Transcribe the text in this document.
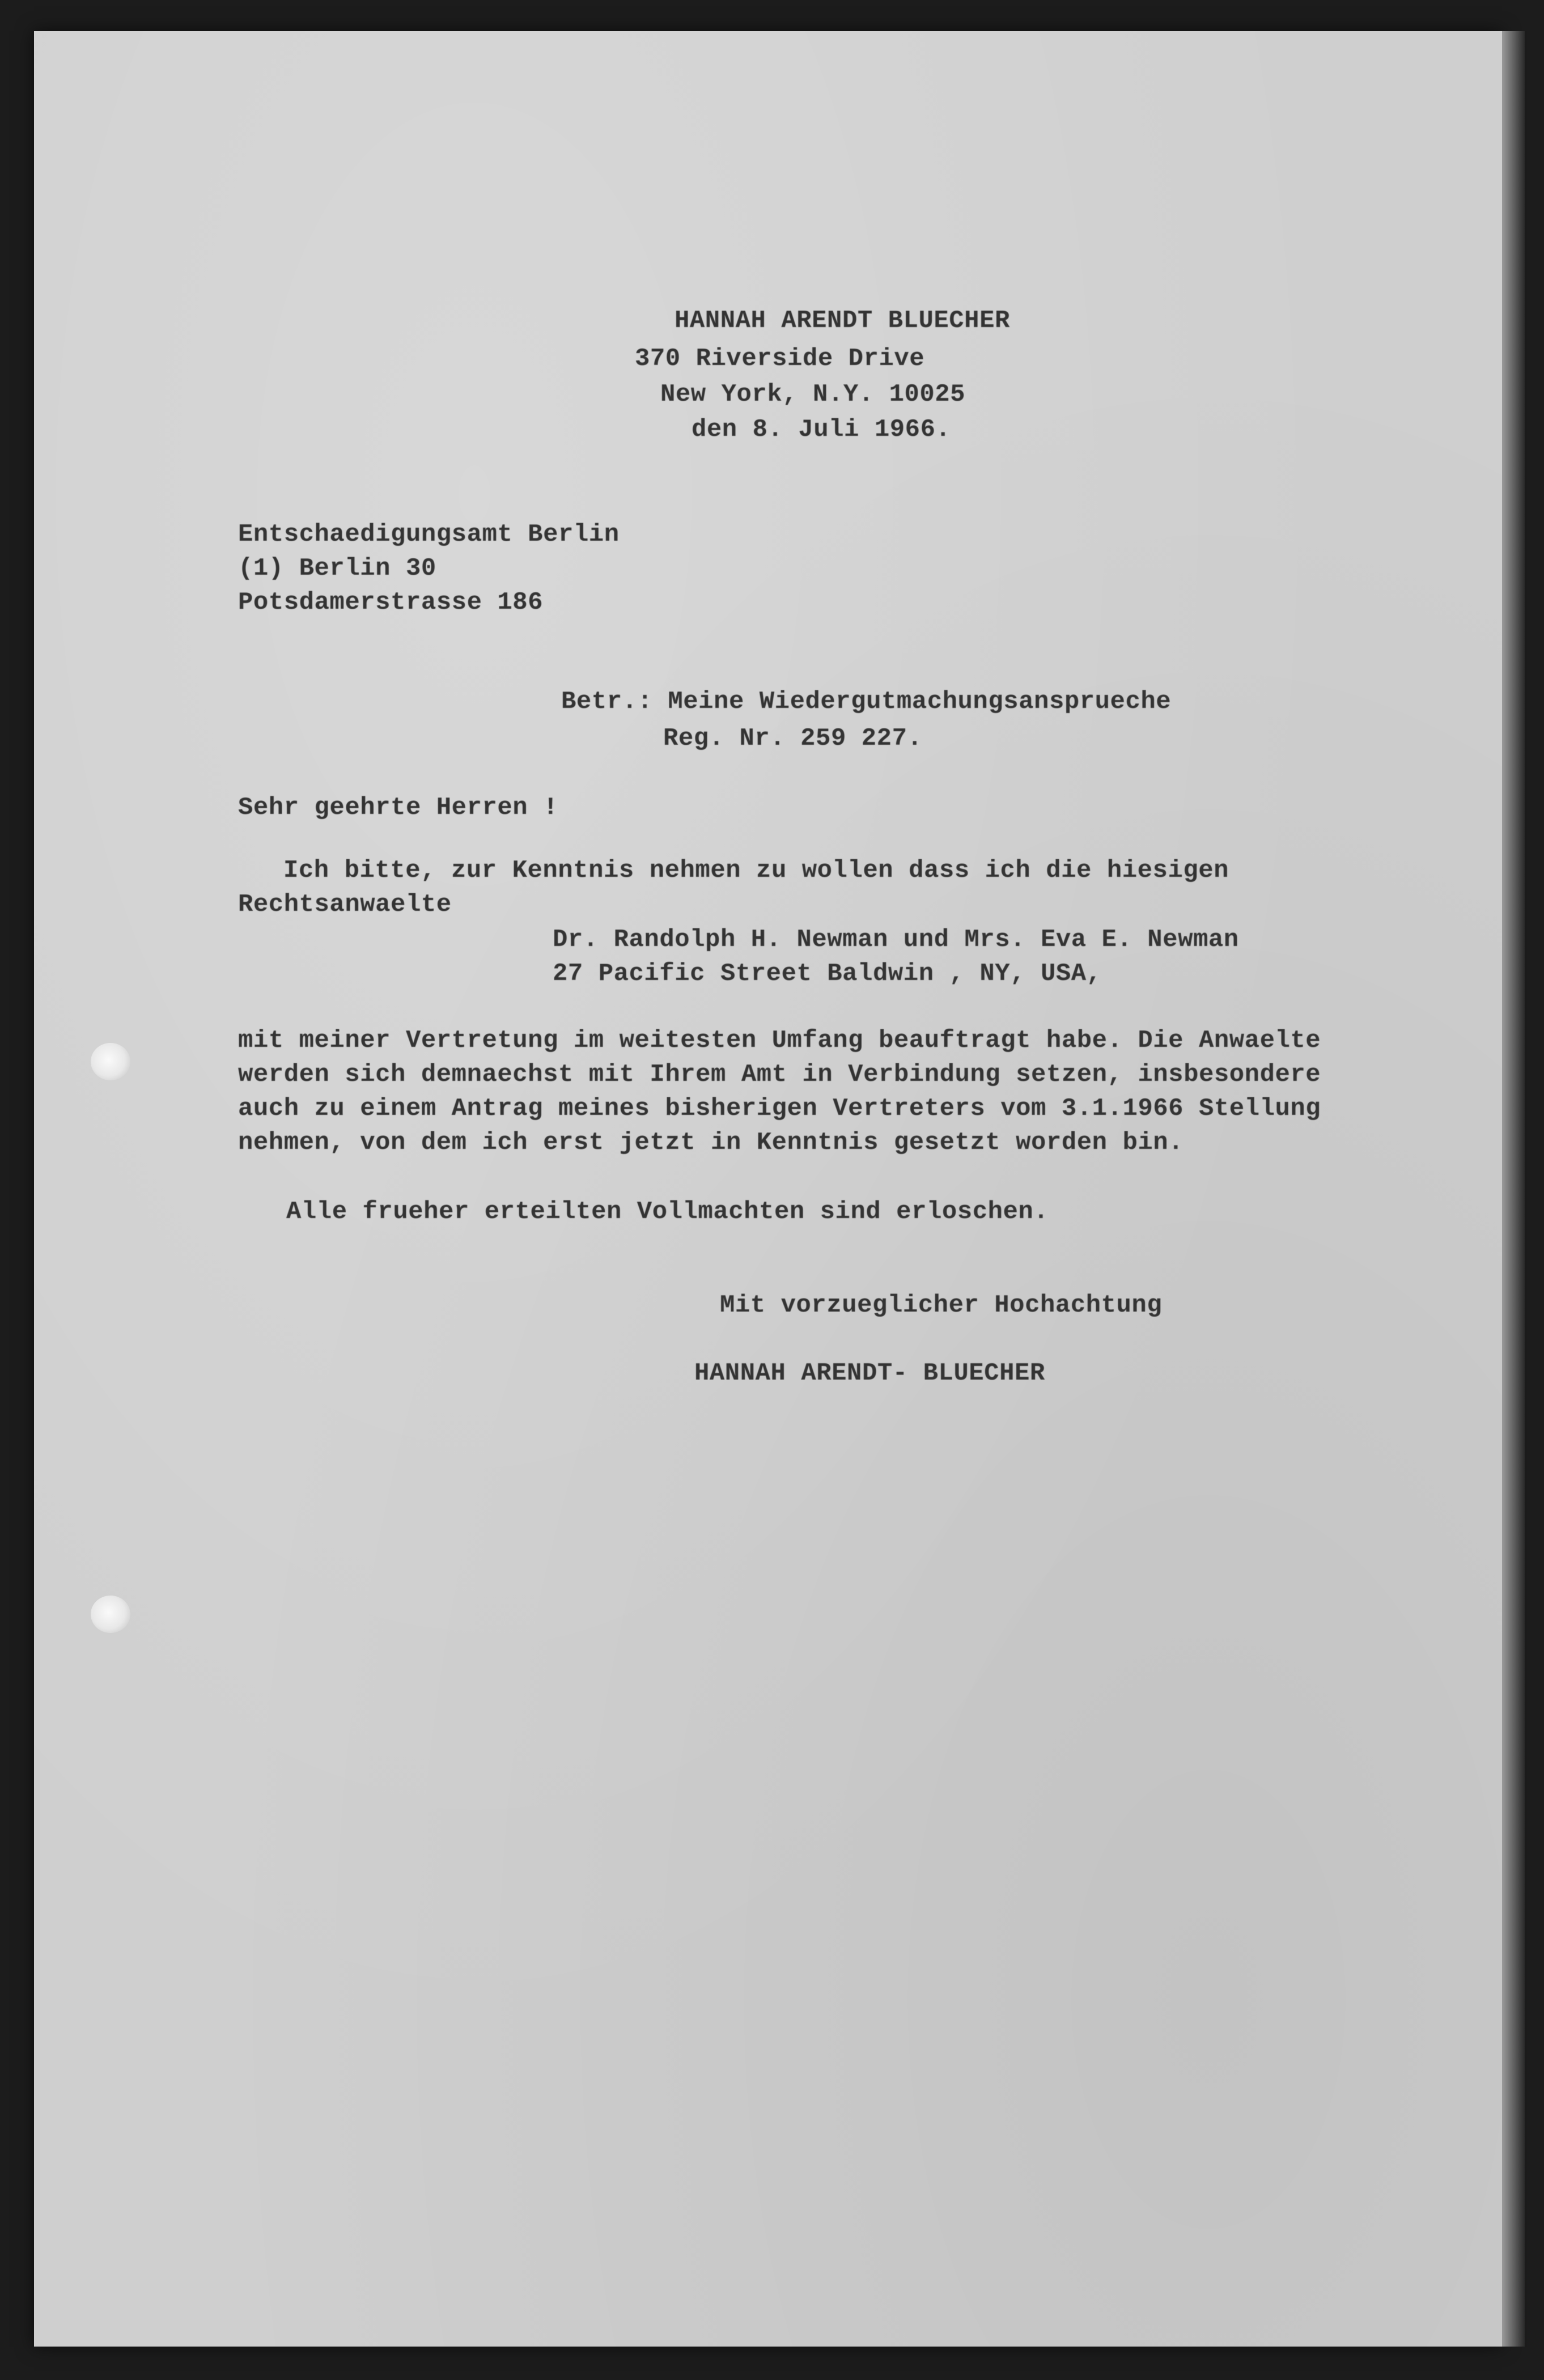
HANNAH ARENDT BLUECHER
370 Riverside Drive
New York, N.Y. 10025
den 8. Juli 1966.
Entschaedigungsamt Berlin
(1) Berlin 30
Potsdamerstrasse 186
Betr.: Meine Wiedergutmachungsansprueche
Reg. Nr. 259 227.
Sehr geehrte Herren !
Ich bitte, zur Kenntnis nehmen zu wollen dass ich die hiesigen
Rechtsanwaelte
Dr. Randolph H. Newman und Mrs. Eva E. Newman
27 Pacific Street Baldwin , NY, USA,
mit meiner Vertretung im weitesten Umfang beauftragt habe. Die Anwaelte
werden sich demnaechst mit Ihrem Amt in Verbindung setzen, insbesondere
auch zu einem Antrag meines bisherigen Vertreters vom 3.1.1966 Stellung
nehmen, von dem ich erst jetzt in Kenntnis gesetzt worden bin.
Alle frueher erteilten Vollmachten sind erloschen.
Mit vorzueglicher Hochachtung
HANNAH ARENDT- BLUECHER
